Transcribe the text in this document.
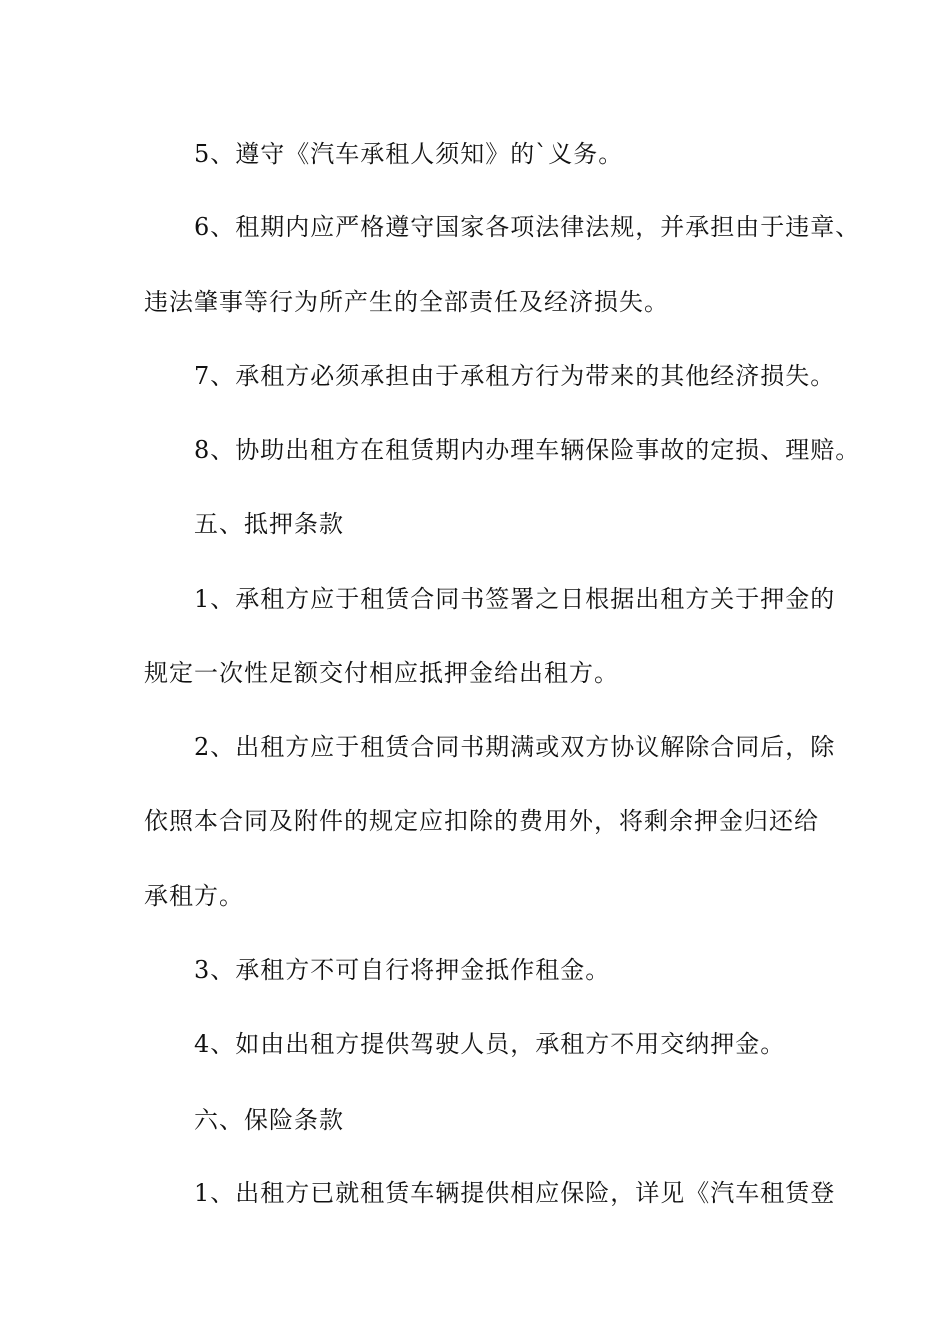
5、遵守《汽车承租人须知》的`义务。

6、租期内应严格遵守国家各项法律法规，并承担由于违章、

违法肇事等行为所产生的全部责任及经济损失。

7、承租方必须承担由于承租方行为带来的其他经济损失。

8、协助出租方在租赁期内办理车辆保险事故的定损、理赔。

五、抵押条款

1、承租方应于租赁合同书签署之日根据出租方关于押金的

规定一次性足额交付相应抵押金给出租方。

2、出租方应于租赁合同书期满或双方协议解除合同后，除

依照本合同及附件的规定应扣除的费用外，将剩余押金归还给

承租方。

3、承租方不可自行将押金抵作租金。

4、如由出租方提供驾驶人员，承租方不用交纳押金。

六、保险条款

1、出租方已就租赁车辆提供相应保险，详见《汽车租赁登
